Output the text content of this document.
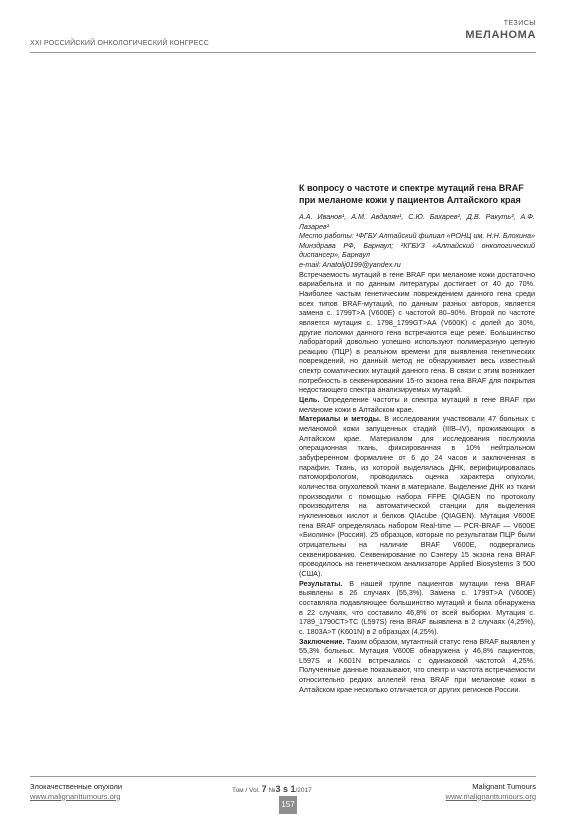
XXI РОССИЙСКИЙ ОНКОЛОГИЧЕСКИЙ КОНГРЕСС
ТЕЗИСЫ
МЕЛАНОМА
К вопросу о частоте и спектре мутаций гена BRAF при меланоме кожи у пациентов Алтайского края
А.А. Иванов¹, А.М. Авдалян¹, С.Ю. Бахарев², Д.В. Ракуть², А.Ф. Лазарев¹
Место работы: ¹ФГБУ Алтайский филиал «РОНЦ им. Н.Н. Блохина» Минздрава РФ, Барнаул; ²КГБУЗ «Алтайский онкологический диспансер», Барнаул
e-mail: Anatolij0199@yandex.ru

Встречаемость мутаций в гене BRAF при меланоме кожи достаточно вариабельна и по данным литературы достигает от 40 до 70%. Наиболее частым генетическим повреждением данного гена среди всех типов BRAF-мутаций, по данным разных авторов, является замена с. 1799T>A (V600E) с частотой 80–90%. Второй по частоте является мутация с. 1798_1799GT>AA (V600K) с долей до 30%, другие поломки данного гена встречаются еще реже. Большинство лабораторий довольно успешно используют полимеразную цепную реакцию (ПЦР) в реальном времени для выявления генетических повреждений, но данный метод не обнаруживает весь известный спектр соматических мутаций данного гена. В связи с этим возникает потребность в секвенировании 15-го экзона гена BRAF для покрытия недостающего спектра анализируемых мутаций.

Цель. Определение частоты и спектра мутаций в гене BRAF при меланоме кожи в Алтайском крае.

Материалы и методы. В исследовании участвовали 47 больных с меланомой кожи запущенных стадий (IIIB–IV), проживающих в Алтайском крае. Материалом для исследования послужила операционная ткань, фиксированная в 10% нейтральном забуференном формалине от 6 до 24 часов и заключенная в парафин. Ткань, из которой выделялась ДНК, верифицировалась патоморфологом, проводилась оценка характера опухоли, количества опухолевой ткани в материале. Выделение ДНК из ткани производили с помощью набора FFPE QIAGEN по протоколу производителя на автоматической станции для выделения нуклеиновых кислот и белков QIAcube (QIAGEN). Мутация V600E гена BRAF определялась набором Real-time — PCR-BRAF — V600E «Биолинк» (Россия). 25 образцов, которые по результатам ПЦР были отрицательны на наличие BRAF V600E, подвергались секвенированию. Секвенирование по Сэнгеру 15 экзона гена BRAF проводилось на генетическом анализаторе Applied Biosystems 3 500 (США).

Результаты. В нашей группе пациентов мутации гена BRAF выявлены в 26 случаях (55,3%). Замена с. 1799T>A (V600E) составляла подавляющее большинство мутаций и была обнаружена в 22 случаях, что составило 46,8% от всей выборки. Мутация с. 1789_1790CT>TC (L597S) гена BRAF выявлена в 2 случаях (4,25%), с. 1803A>T (K601N) в 2 образцах (4,25%).

Заключение. Таким образом, мутантный статус гена BRAF выявлен у 55,3% больных. Мутация V600E обнаружена у 46,8% пациентов, L597S и K601N встречались с одинаковой частотой 4,25%. Полученные данные показывают, что спектр и частота встречаемости относительно редких аллелей гена BRAF при меланоме кожи в Алтайском крае несколько отличается от других регионов России.

Злокачественные опухоли
www.malignanttumours.org
Том / Vol. 7 №3 s 1/2017
157
Malignant Tumours
www.malignanttumours.org
